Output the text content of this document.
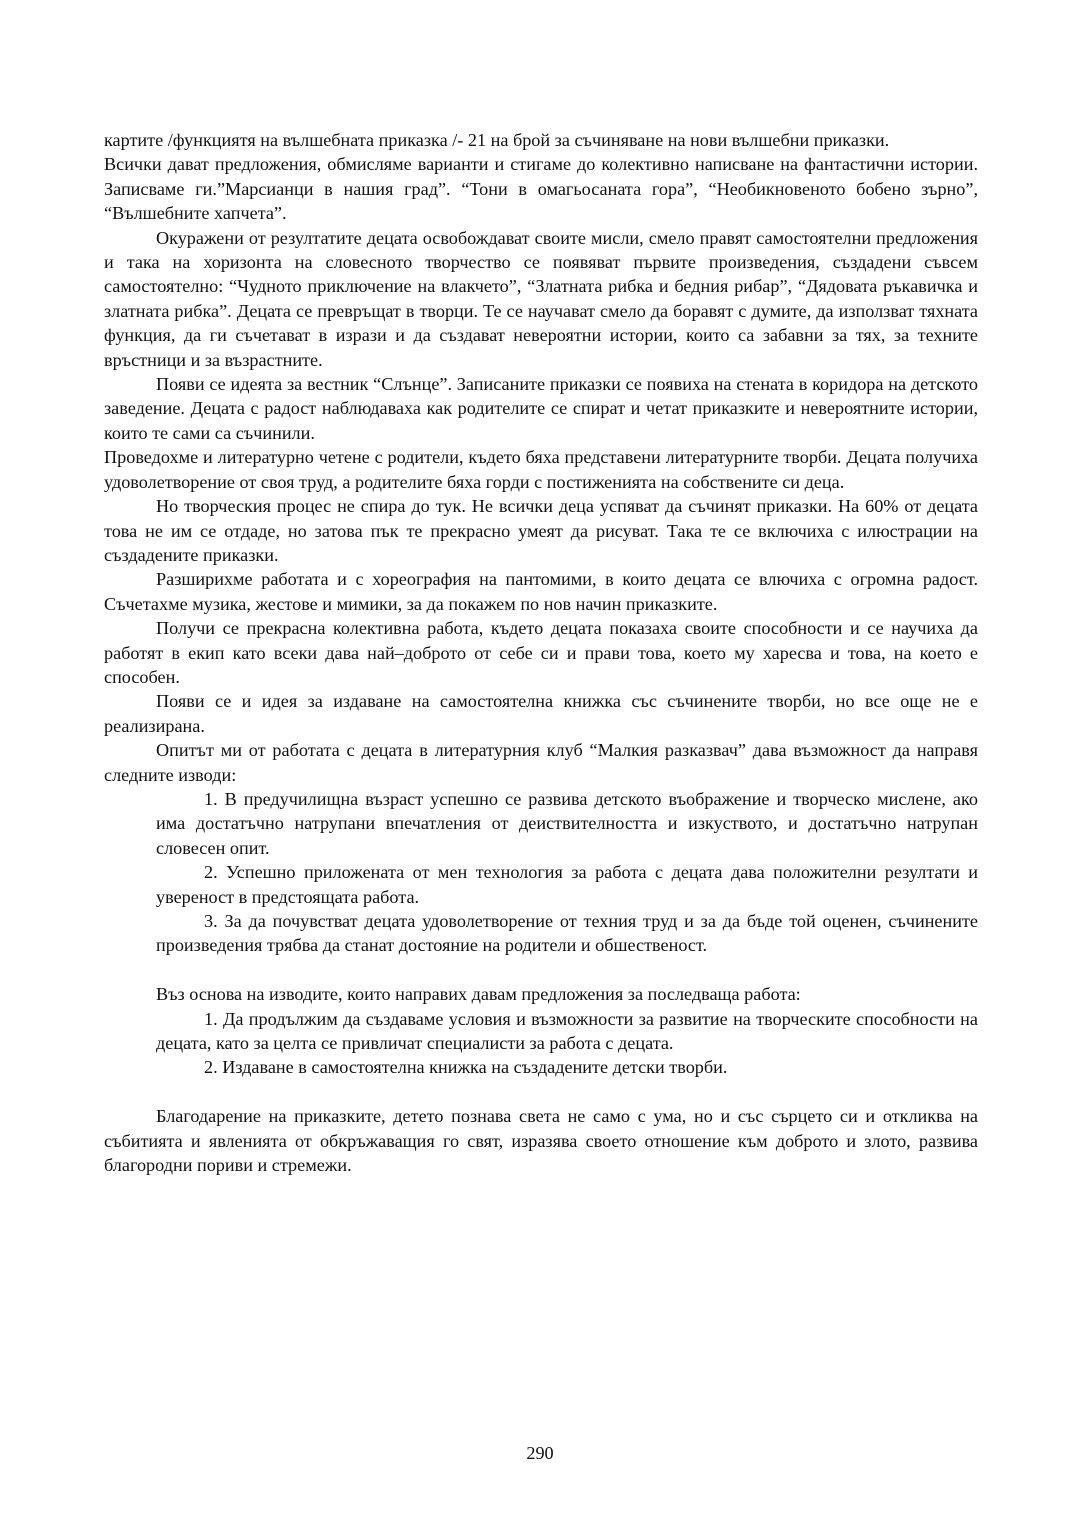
картите /функциятя на вълшебната приказка /- 21 на брой за съчиняване на нови вълшебни приказки.

Всички дават предложения, обмисляме варианти и стигаме до колективно написване на фантастични истории. Записваме ги.”Марсианци в нашия град”. “Тони в омагьосаната гора”, “Необикновеното бобено зърно”, “Вълшебните хапчета”.

Окуражени от резултатите децата освобождават своите мисли, смело правят самостоятелни предложения и така на хоризонта на словесното творчество се появяват първите произведения, създадени съвсем самостоятелно: “Чудното приключение на влакчето”, “Златната рибка и бедния рибар”, “Дядовата ръкавичка и златната рибка”. Децата се превръщат в творци. Те се научават смело да боравят с думите, да използват тяхната функция, да ги съчетават в изрази и да създават невероятни истории, които са забавни за тях, за техните връстници и за възрастните.

Появи се идеята за вестник “Слънце”. Записаните приказки се появиха на стената в коридора на детското заведение. Децата с радост наблюдаваха как родителите се спират и четат приказките и невероятните истории, които те сами са съчинили.

Проведохме и литературно четене с родители, където бяха представени литературните творби. Децата получиха удоволетворение от своя труд, а родителите бяха горди с постиженията на собствените си деца.

Но творческия процес не спира до тук. Не всички деца успяват да съчинят приказки. На 60% от децата това не им се отдаде, но затова пък те прекрасно умеят да рисуват. Така те се включиха с илюстрации на създадените приказки.

Разширихме работата и с хореография на пантомими, в които децата се влючиха с огромна радост. Съчетахме музика, жестове и мимики, за да покажем по нов начин приказките.

Получи се прекрасна колективна работа, където децата показаха своите способности и се научиха да работят в екип като всеки дава най–доброто от себе си и прави това, което му харесва и това, на което е способен.

Появи се и идея за издаване на самостоятелна книжка със съчинените творби, но все още не е реализирана.

Опитът ми от работата с децата в литературния клуб “Малкия разказвач” дава възможност да направя следните изводи:

1. В предучилищна възраст успешно се развива детското въображение и творческо мислене, ако има достатъчно натрупани впечатления от деиствителността и изкуството, и достатъчно натрупан словесен опит.

2. Успешно приложената от мен технология за работа с децата дава положителни резултати и увереност в предстоящата работа.

3. За да почувстват децата удоволетворение от техния труд и за да бъде той оценен, съчинените произведения трябва да станат достояние на родители и обшественост.

Въз основа на изводите, които направих давам предложения за последваща работа:

1. Да продължим да създаваме условия и възможности за развитие на творческите способности на децата, като за целта се привличат специалисти за работа с децата.

2. Издаване в самостоятелна книжка на създадените детски творби.

Благодарение на приказките, детето познава света не само с ума, но и със сърцето си и откликва на събитията и явленията от обкръжаващия го свят, изразява своето отношение към доброто и злото, развива благородни пориви и стремежи.

290
